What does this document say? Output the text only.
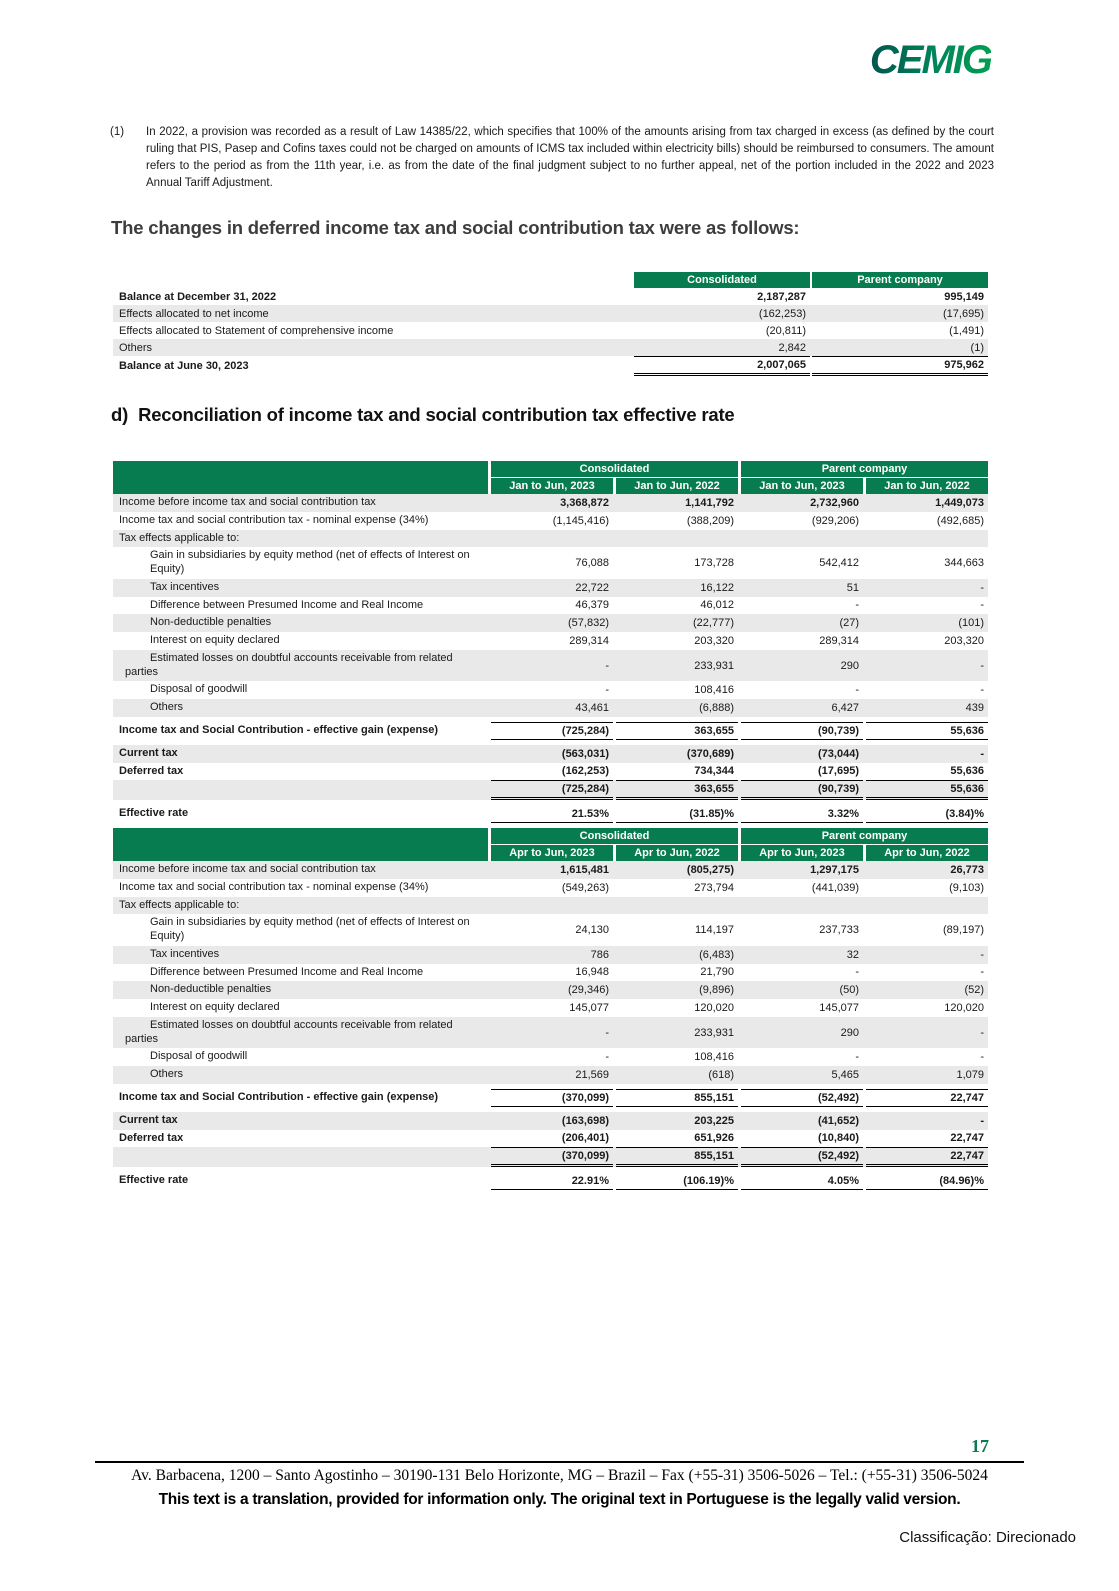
CEMIG
(1)	In 2022, a provision was recorded as a result of Law 14385/22, which specifies that 100% of the amounts arising from tax charged in excess (as defined by the court ruling that PIS, Pasep and Cofins taxes could not be charged on amounts of ICMS tax included within electricity bills) should be reimbursed to consumers. The amount refers to the period as from the 11th year, i.e. as from the date of the final judgment subject to no further appeal, net of the portion included in the 2022 and 2023 Annual Tariff Adjustment.
The changes in deferred income tax and social contribution tax were as follows:
Consolidated	Parent company
Balance at December 31, 2022	2,187,287	995,149
Effects allocated to net income	(162,253)	(17,695)
Effects allocated to Statement of comprehensive income	(20,811)	(1,491)
Others	2,842	(1)
Balance at June 30, 2023	2,007,065	975,962
d) Reconciliation of income tax and social contribution tax effective rate
Consolidated	Parent company
Jan to Jun, 2023	Jan to Jun, 2022	Jan to Jun, 2023	Jan to Jun, 2022
Income before income tax and social contribution tax	3,368,872	1,141,792	2,732,960	1,449,073
Income tax and social contribution tax - nominal expense (34%)	(1,145,416)	(388,209)	(929,206)	(492,685)
Tax effects applicable to:
Gain in subsidiaries by equity method (net of effects of Interest on Equity)	76,088	173,728	542,412	344,663
Tax incentives	22,722	16,122	51	-
Difference between Presumed Income and Real Income	46,379	46,012	-	-
Non-deductible penalties	(57,832)	(22,777)	(27)	(101)
Interest on equity declared	289,314	203,320	289,314	203,320
Estimated losses on doubtful accounts receivable from related parties	-	233,931	290	-
Disposal of goodwill	-	108,416	-	-
Others	43,461	(6,888)	6,427	439
Income tax and Social Contribution - effective gain (expense)	(725,284)	363,655	(90,739)	55,636
Current tax	(563,031)	(370,689)	(73,044)	-
Deferred tax	(162,253)	734,344	(17,695)	55,636
(725,284)	363,655	(90,739)	55,636
Effective rate	21.53%	(31.85)%	3.32%	(3.84)%
Consolidated	Parent company
Apr to Jun, 2023	Apr to Jun, 2022	Apr to Jun, 2023	Apr to Jun, 2022
Income before income tax and social contribution tax	1,615,481	(805,275)	1,297,175	26,773
Income tax and social contribution tax - nominal expense (34%)	(549,263)	273,794	(441,039)	(9,103)
Tax effects applicable to:
Gain in subsidiaries by equity method (net of effects of Interest on Equity)	24,130	114,197	237,733	(89,197)
Tax incentives	786	(6,483)	32	-
Difference between Presumed Income and Real Income	16,948	21,790	-	-
Non-deductible penalties	(29,346)	(9,896)	(50)	(52)
Interest on equity declared	145,077	120,020	145,077	120,020
Estimated losses on doubtful accounts receivable from related parties	-	233,931	290	-
Disposal of goodwill	-	108,416	-	-
Others	21,569	(618)	5,465	1,079
Income tax and Social Contribution - effective gain (expense)	(370,099)	855,151	(52,492)	22,747
Current tax	(163,698)	203,225	(41,652)	-
Deferred tax	(206,401)	651,926	(10,840)	22,747
(370,099)	855,151	(52,492)	22,747
Effective rate	22.91%	(106.19)%	4.05%	(84.96)%
17
Av. Barbacena, 1200 – Santo Agostinho – 30190-131 Belo Horizonte, MG – Brazil – Fax (+55-31) 3506-5026 – Tel.: (+55-31) 3506-5024
This text is a translation, provided for information only. The original text in Portuguese is the legally valid version.
Classificação: Direcionado
